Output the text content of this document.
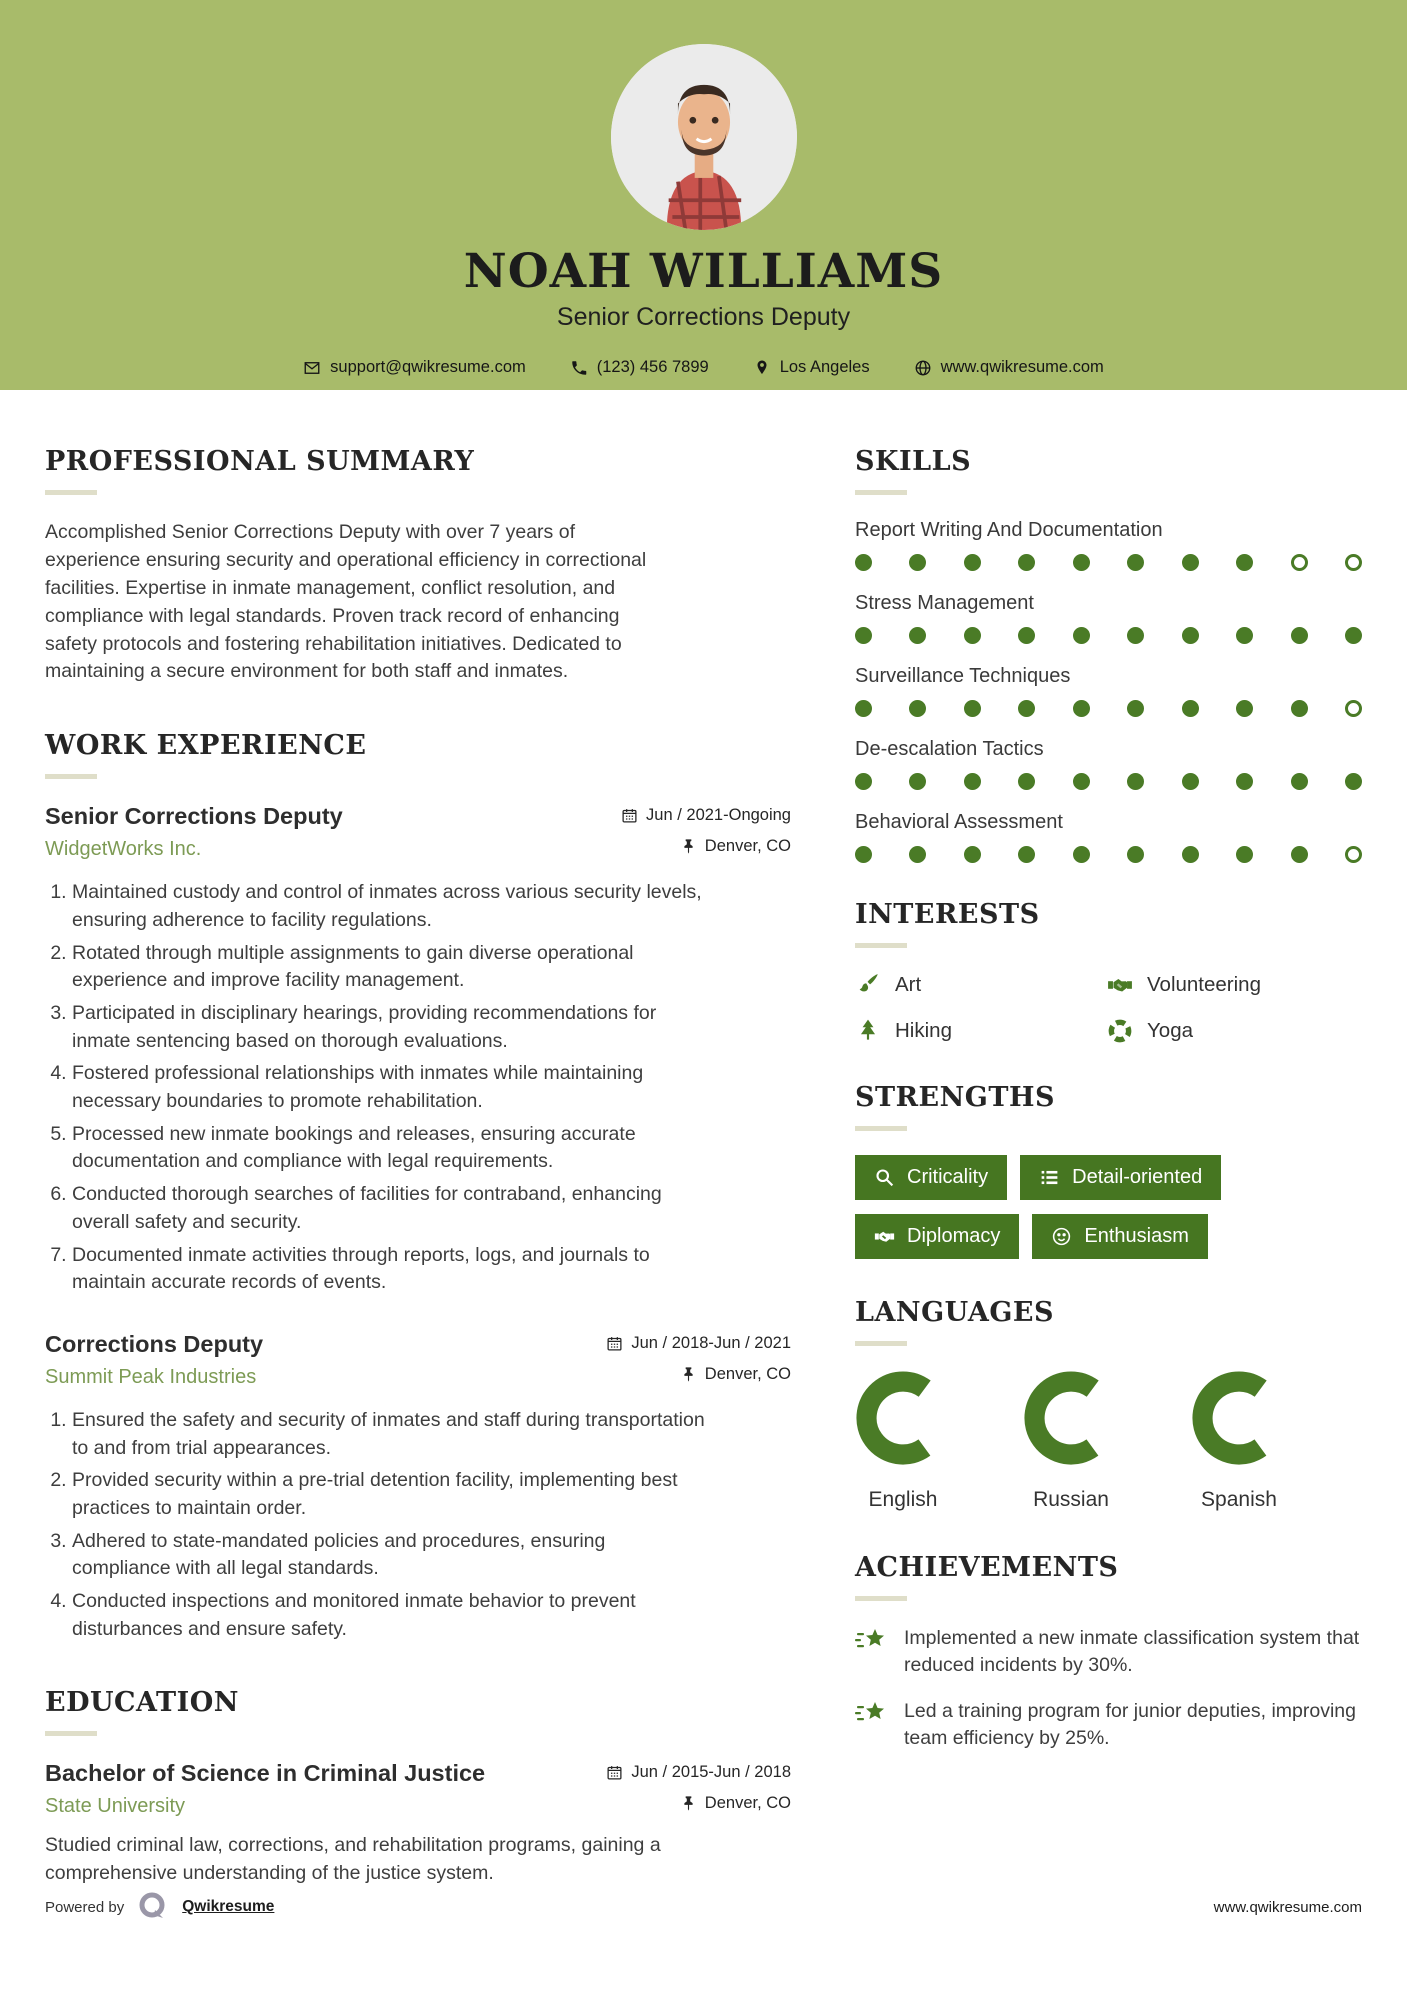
NOAH WILLIAMS
Senior Corrections Deputy
support@qwikresume.com	(123) 456 7899	Los Angeles	www.qwikresume.com
PROFESSIONAL SUMMARY

Accomplished Senior Corrections Deputy with over 7 years of experience ensuring security and operational efficiency in correctional facilities. Expertise in inmate management, conflict resolution, and compliance with legal standards. Proven track record of enhancing safety protocols and fostering rehabilitation initiatives. Dedicated to maintaining a secure environment for both staff and inmates.

WORK EXPERIENCE
Senior Corrections Deputy	Jun / 2021-Ongoing
WidgetWorks Inc.	Denver, CO
1. Maintained custody and control of inmates across various security levels, ensuring adherence to facility regulations.
2. Rotated through multiple assignments to gain diverse operational experience and improve facility management.
3. Participated in disciplinary hearings, providing recommendations for inmate sentencing based on thorough evaluations.
4. Fostered professional relationships with inmates while maintaining necessary boundaries to promote rehabilitation.
5. Processed new inmate bookings and releases, ensuring accurate documentation and compliance with legal requirements.
6. Conducted thorough searches of facilities for contraband, enhancing overall safety and security.
7. Documented inmate activities through reports, logs, and journals to maintain accurate records of events.
Corrections Deputy	Jun / 2018-Jun / 2021
Summit Peak Industries	Denver, CO
1. Ensured the safety and security of inmates and staff during transportation to and from trial appearances.
2. Provided security within a pre-trial detention facility, implementing best practices to maintain order.
3. Adhered to state-mandated policies and procedures, ensuring compliance with all legal standards.
4. Conducted inspections and monitored inmate behavior to prevent disturbances and ensure safety.
EDUCATION
Bachelor of Science in Criminal Justice	Jun / 2015-Jun / 2018
State University	Denver, CO

Studied criminal law, corrections, and rehabilitation programs, gaining a comprehensive understanding of the justice system.

SKILLS
Report Writing And Documentation
Stress Management
Surveillance Techniques
De-escalation Tactics
Behavioral Assessment
INTERESTS
Art	Volunteering
Hiking	Yoga
STRENGTHS
Criticality	Detail-oriented
Diplomacy	Enthusiasm
LANGUAGES
English	Russian	Spanish
ACHIEVEMENTS
Implemented a new inmate classification system that reduced incidents by 30%.
Led a training program for junior deputies, improving team efficiency by 25%.
Powered by	Qwikresume	www.qwikresume.com
